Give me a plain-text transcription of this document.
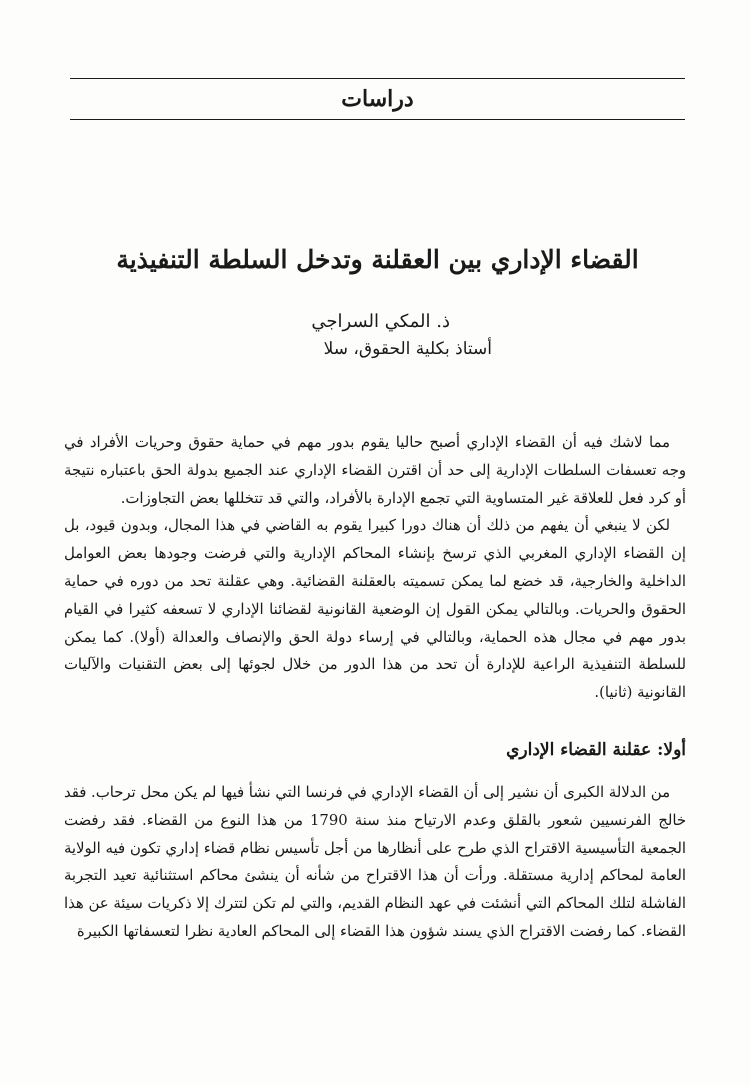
دراسات
القضاء الإداري بين العقلنة وتدخل السلطة التنفيذية
ذ. المكي السراجي
أستاذ بكلية الحقوق، سلا

مما لاشك فيه أن القضاء الإداري أصبح حاليا يقوم بدور مهم في حماية حقوق وحريات الأفراد في وجه تعسفات السلطات الإدارية إلى حد أن اقترن القضاء الإداري عند الجميع بدولة الحق باعتباره نتيجة أو كرد فعل للعلاقة غير المتساوية التي تجمع الإدارة بالأفراد، والتي قد تتخللها بعض التجاوزات.

لكن لا ينبغي أن يفهم من ذلك أن هناك دورا كبيرا يقوم به القاضي في هذا المجال، وبدون قيود، بل إن القضاء الإداري المغربي الذي ترسخ بإنشاء المحاكم الإدارية والتي فرضت وجودها بعض العوامل الداخلية والخارجية، قد خضع لما يمكن تسميته بالعقلنة القضائية. وهي عقلنة تحد من دوره في حماية الحقوق والحريات. وبالتالي يمكن القول إن الوضعية القانونية لقضائنا الإداري لا تسعفه كثيرا في القيام بدور مهم في مجال هذه الحماية، وبالتالي في إرساء دولة الحق والإنصاف والعدالة (أولا). كما يمكن للسلطة التنفيذية الراعية للإدارة أن تحد من هذا الدور من خلال لجوئها إلى بعض التقنيات والآليات القانونية (ثانيا).

أولا: عقلنة القضاء الإداري

من الدلالة الكبرى أن نشير إلى أن القضاء الإداري في فرنسا التي نشأ فيها لم يكن محل ترحاب. فقد خالج الفرنسيين شعور بالقلق وعدم الارتياح منذ سنة 1790 من هذا النوع من القضاء. فقد رفضت الجمعية التأسيسية الاقتراح الذي طرح على أنظارها من أجل تأسيس نظام قضاء إداري تكون فيه الولاية العامة لمحاكم إدارية مستقلة. ورأت أن هذا الاقتراح من شأنه أن ينشئ محاكم استثنائية تعيد التجربة الفاشلة لتلك المحاكم التي أنشئت في عهد النظام القديم، والتي لم تكن لتترك إلا ذكريات سيئة عن هذا القضاء. كما رفضت الاقتراح الذي يسند شؤون هذا القضاء إلى المحاكم العادية نظرا لتعسفاتها الكبيرة
